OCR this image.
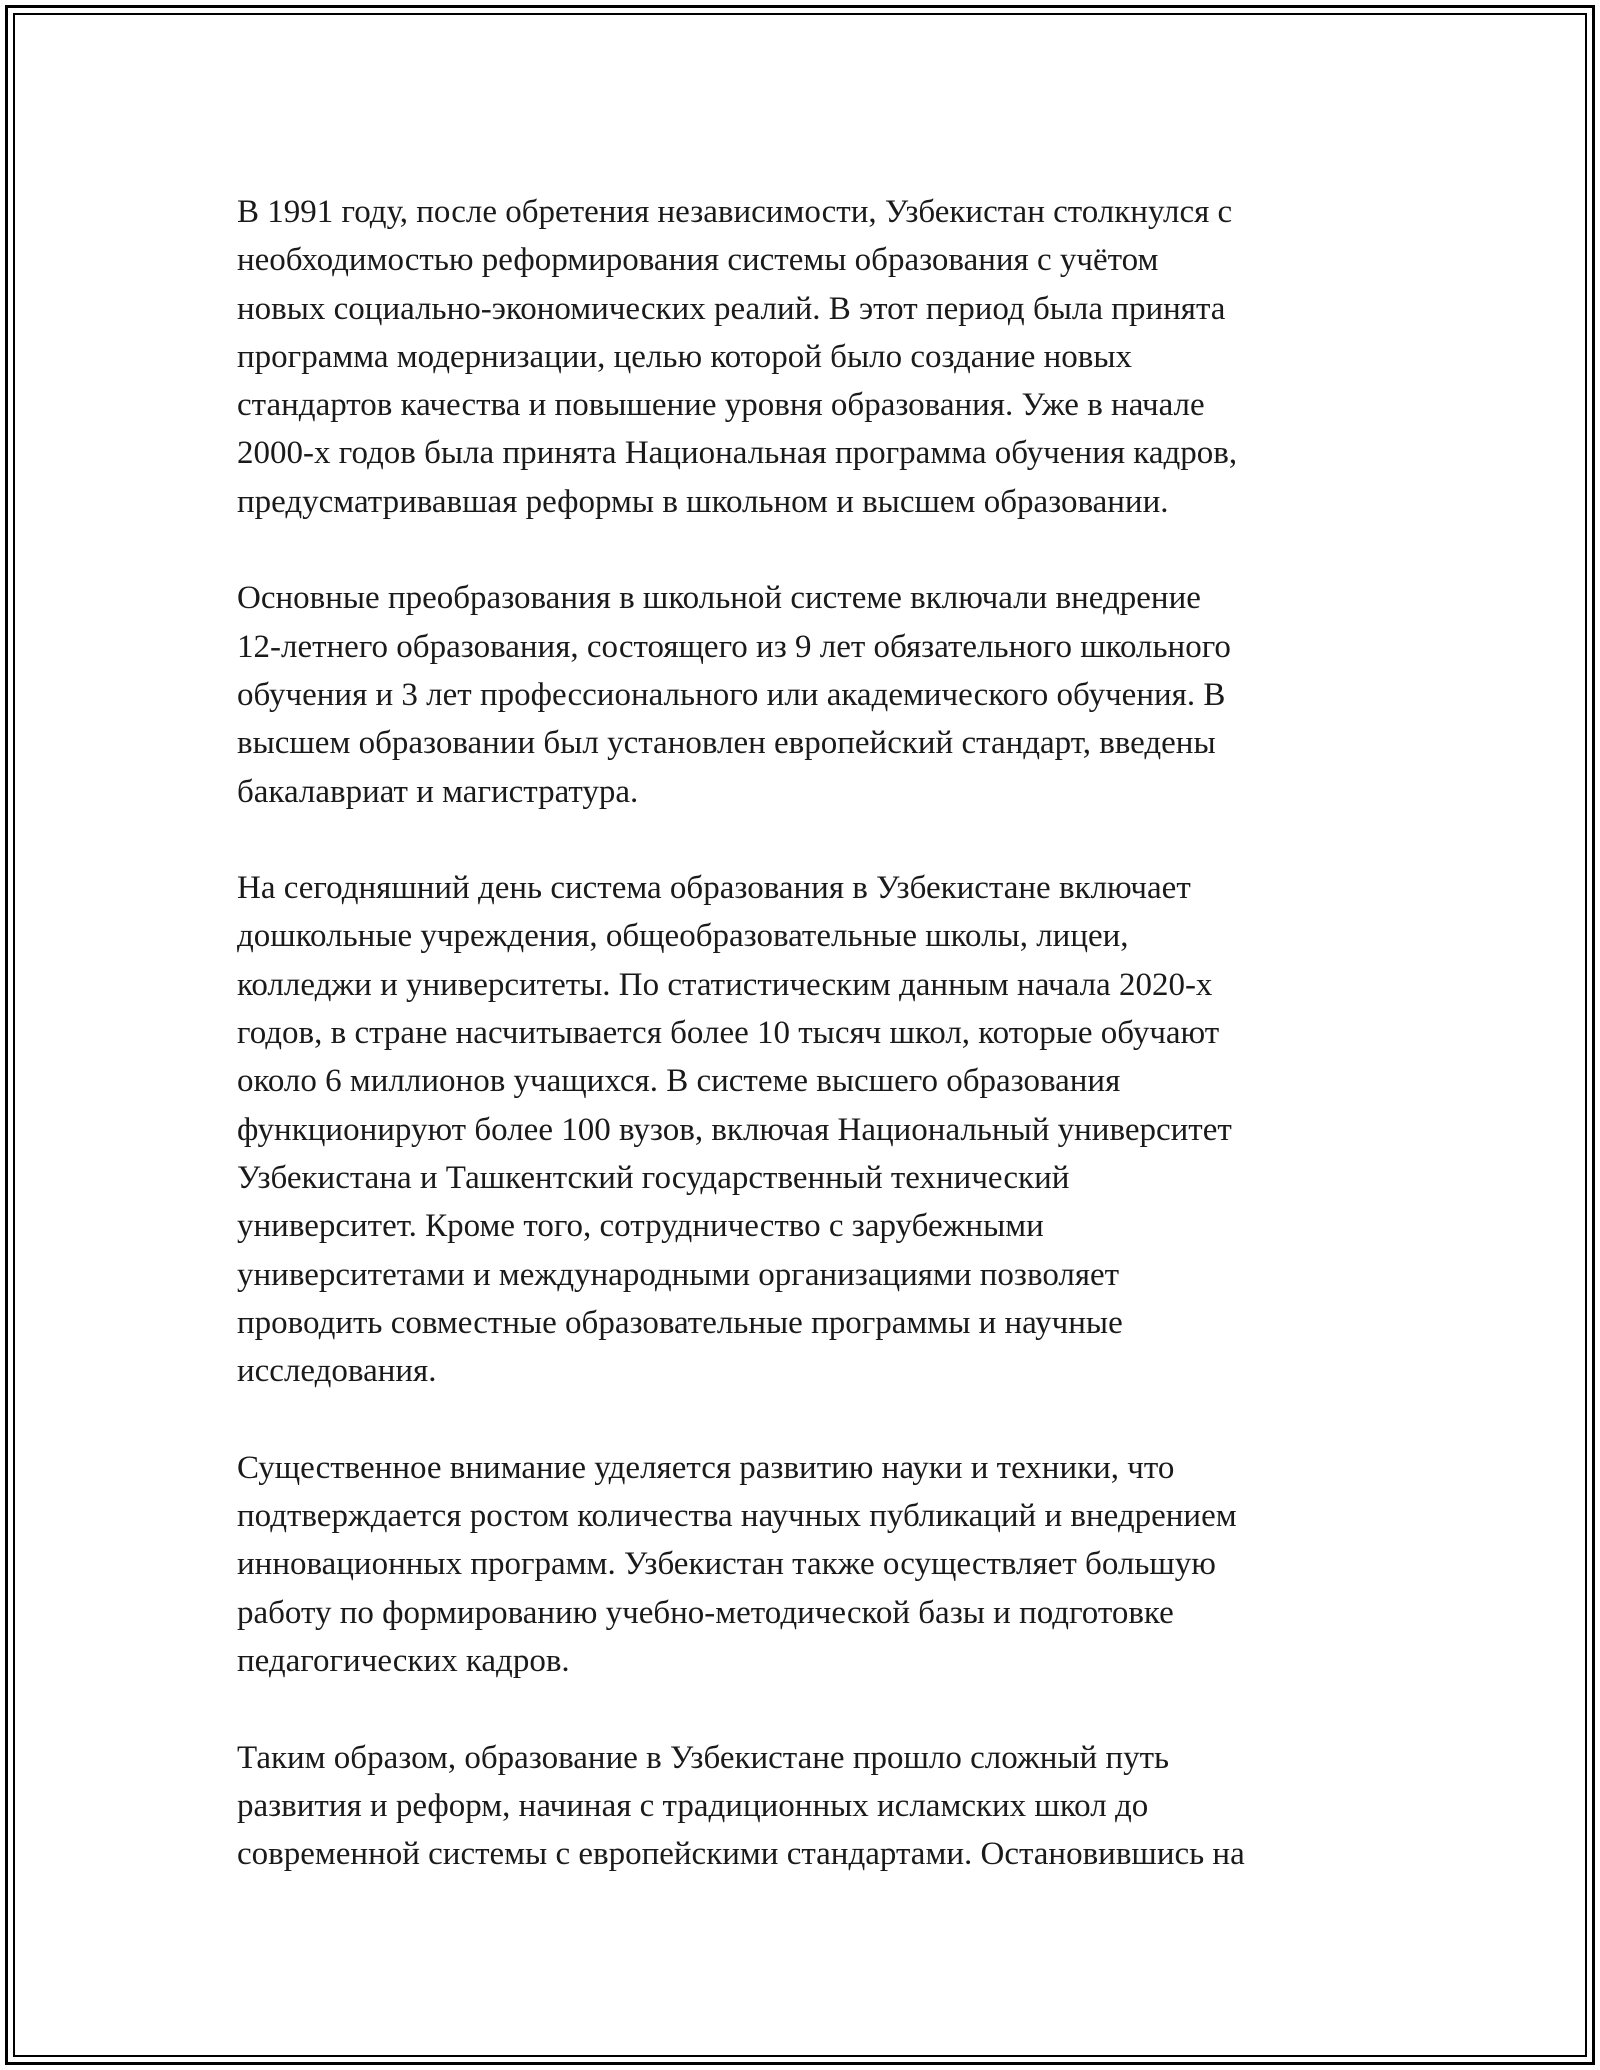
В 1991 году, после обретения независимости, Узбекистан столкнулся с
необходимостью реформирования системы образования с учётом
новых социально-экономических реалий. В этот период была принята
программа модернизации, целью которой было создание новых
стандартов качества и повышение уровня образования. Уже в начале
2000-х годов была принята Национальная программа обучения кадров,
предусматривавшая реформы в школьном и высшем образовании.

Основные преобразования в школьной системе включали внедрение
12-летнего образования, состоящего из 9 лет обязательного школьного
обучения и 3 лет профессионального или академического обучения. В
высшем образовании был установлен европейский стандарт, введены
бакалавриат и магистратура.

На сегодняшний день система образования в Узбекистане включает
дошкольные учреждения, общеобразовательные школы, лицеи,
колледжи и университеты. По статистическим данным начала 2020-х
годов, в стране насчитывается более 10 тысяч школ, которые обучают
около 6 миллионов учащихся. В системе высшего образования
функционируют более 100 вузов, включая Национальный университет
Узбекистана и Ташкентский государственный технический
университет. Кроме того, сотрудничество с зарубежными
университетами и международными организациями позволяет
проводить совместные образовательные программы и научные
исследования.

Существенное внимание уделяется развитию науки и техники, что
подтверждается ростом количества научных публикаций и внедрением
инновационных программ. Узбекистан также осуществляет большую
работу по формированию учебно-методической базы и подготовке
педагогических кадров.

Таким образом, образование в Узбекистане прошло сложный путь
развития и реформ, начиная с традиционных исламских школ до
современной системы с европейскими стандартами. Остановившись на
